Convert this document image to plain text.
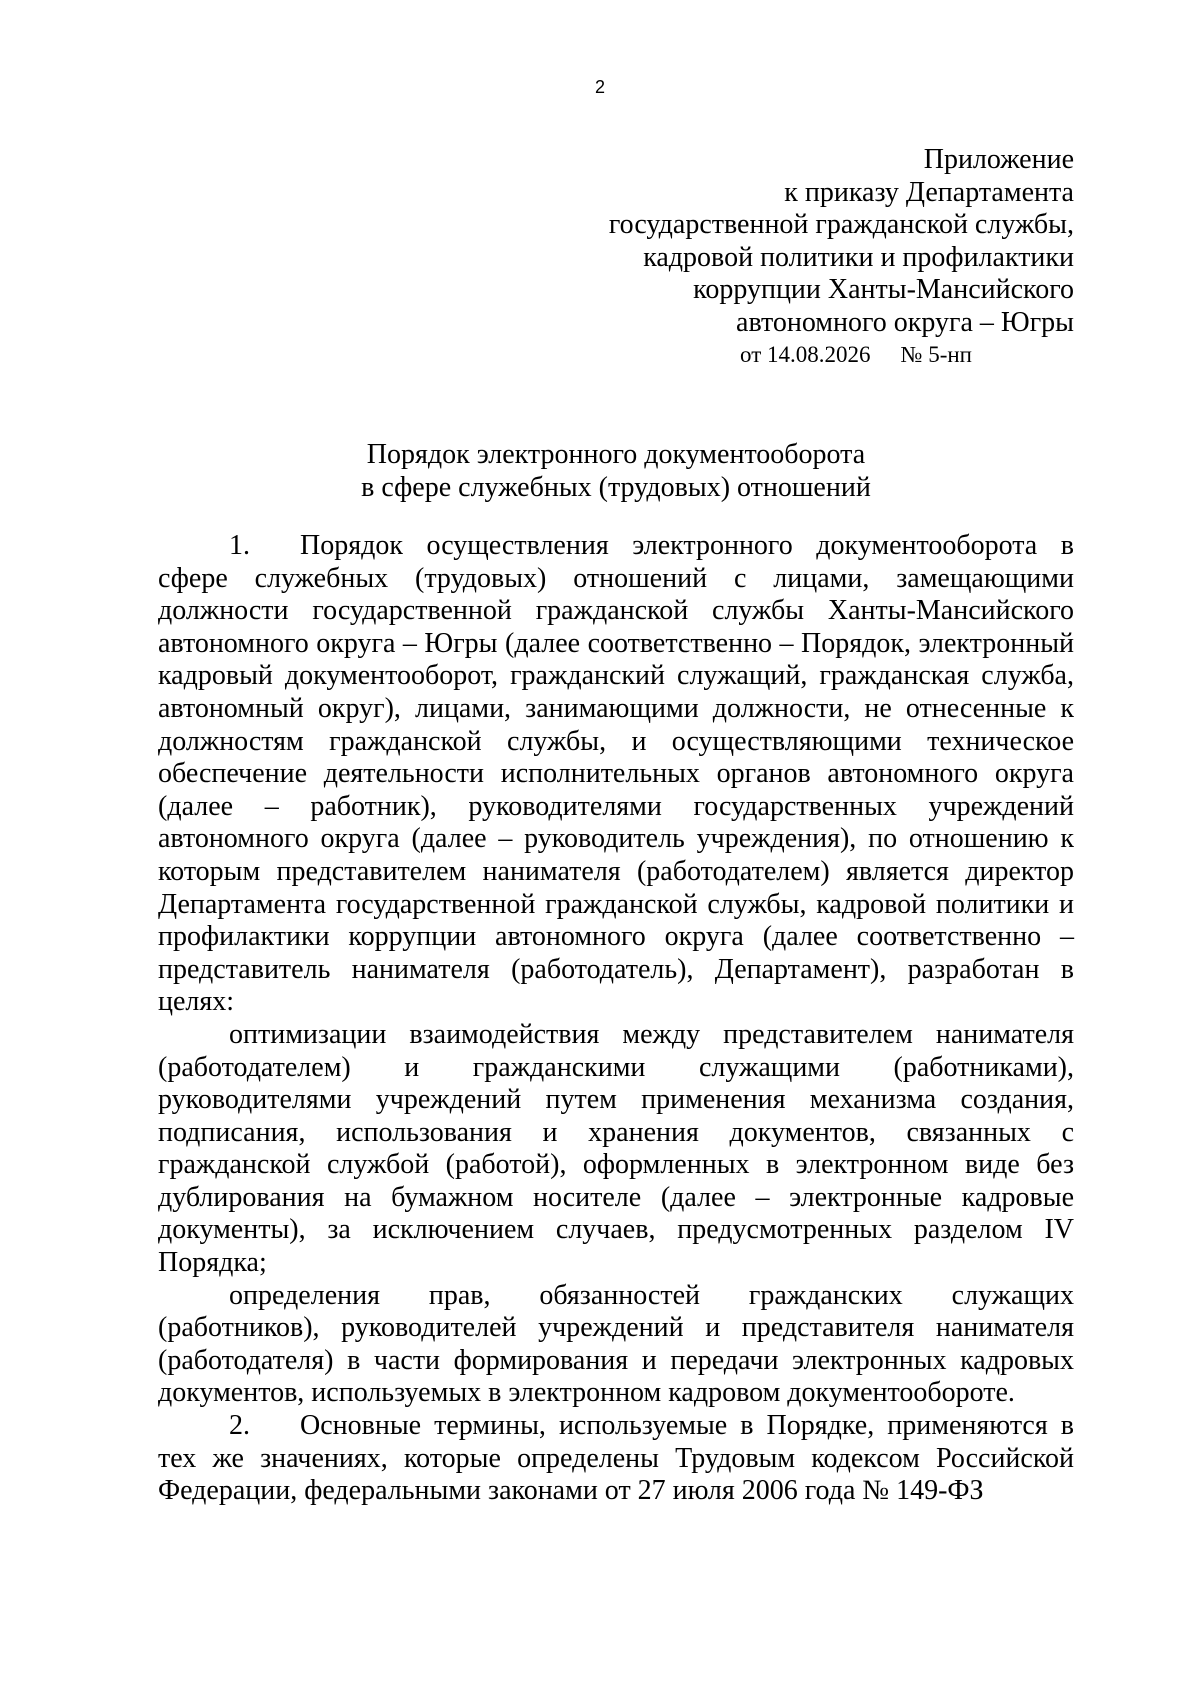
2
Приложение
к приказу Департамента
государственной гражданской службы,
кадровой политики и профилактики
коррупции Ханты-Мансийского
автономного округа – Югры
от 14.08.2026 № 5-нп
Порядок электронного документооборота
в сфере служебных (трудовых) отношений

1. Порядок осуществления электронного документооборота в сфере служебных (трудовых) отношений с лицами, замещающими должности государственной гражданской службы Ханты-Мансийского автономного округа – Югры (далее соответственно – Порядок, электронный кадровый документооборот, гражданский служащий, гражданская служба, автономный округ), лицами, занимающими должности, не отнесенные к должностям гражданской службы, и осуществляющими техническое обеспечение деятельности исполнительных органов автономного округа (далее – работник), руководителями государственных учреждений автономного округа (далее – руководитель учреждения), по отношению к которым представителем нанимателя (работодателем) является директор Департамента государственной гражданской службы, кадровой политики и профилактики коррупции автономного округа (далее соответственно – представитель нанимателя (работодатель), Департамент), разработан в целях:

оптимизации взаимодействия между представителем нанимателя (работодателем) и гражданскими служащими (работниками), руководителями учреждений путем применения механизма создания, подписания, использования и хранения документов, связанных с гражданской службой (работой), оформленных в электронном виде без дублирования на бумажном носителе (далее – электронные кадровые документы), за исключением случаев, предусмотренных разделом IV Порядка;

определения прав, обязанностей гражданских служащих (работников), руководителей учреждений и представителя нанимателя (работодателя) в части формирования и передачи электронных кадровых документов, используемых в электронном кадровом документообороте.

2. Основные термины, используемые в Порядке, применяются в тех же значениях, которые определены Трудовым кодексом Российской Федерации, федеральными законами от 27 июля 2006 года № 149-ФЗ
